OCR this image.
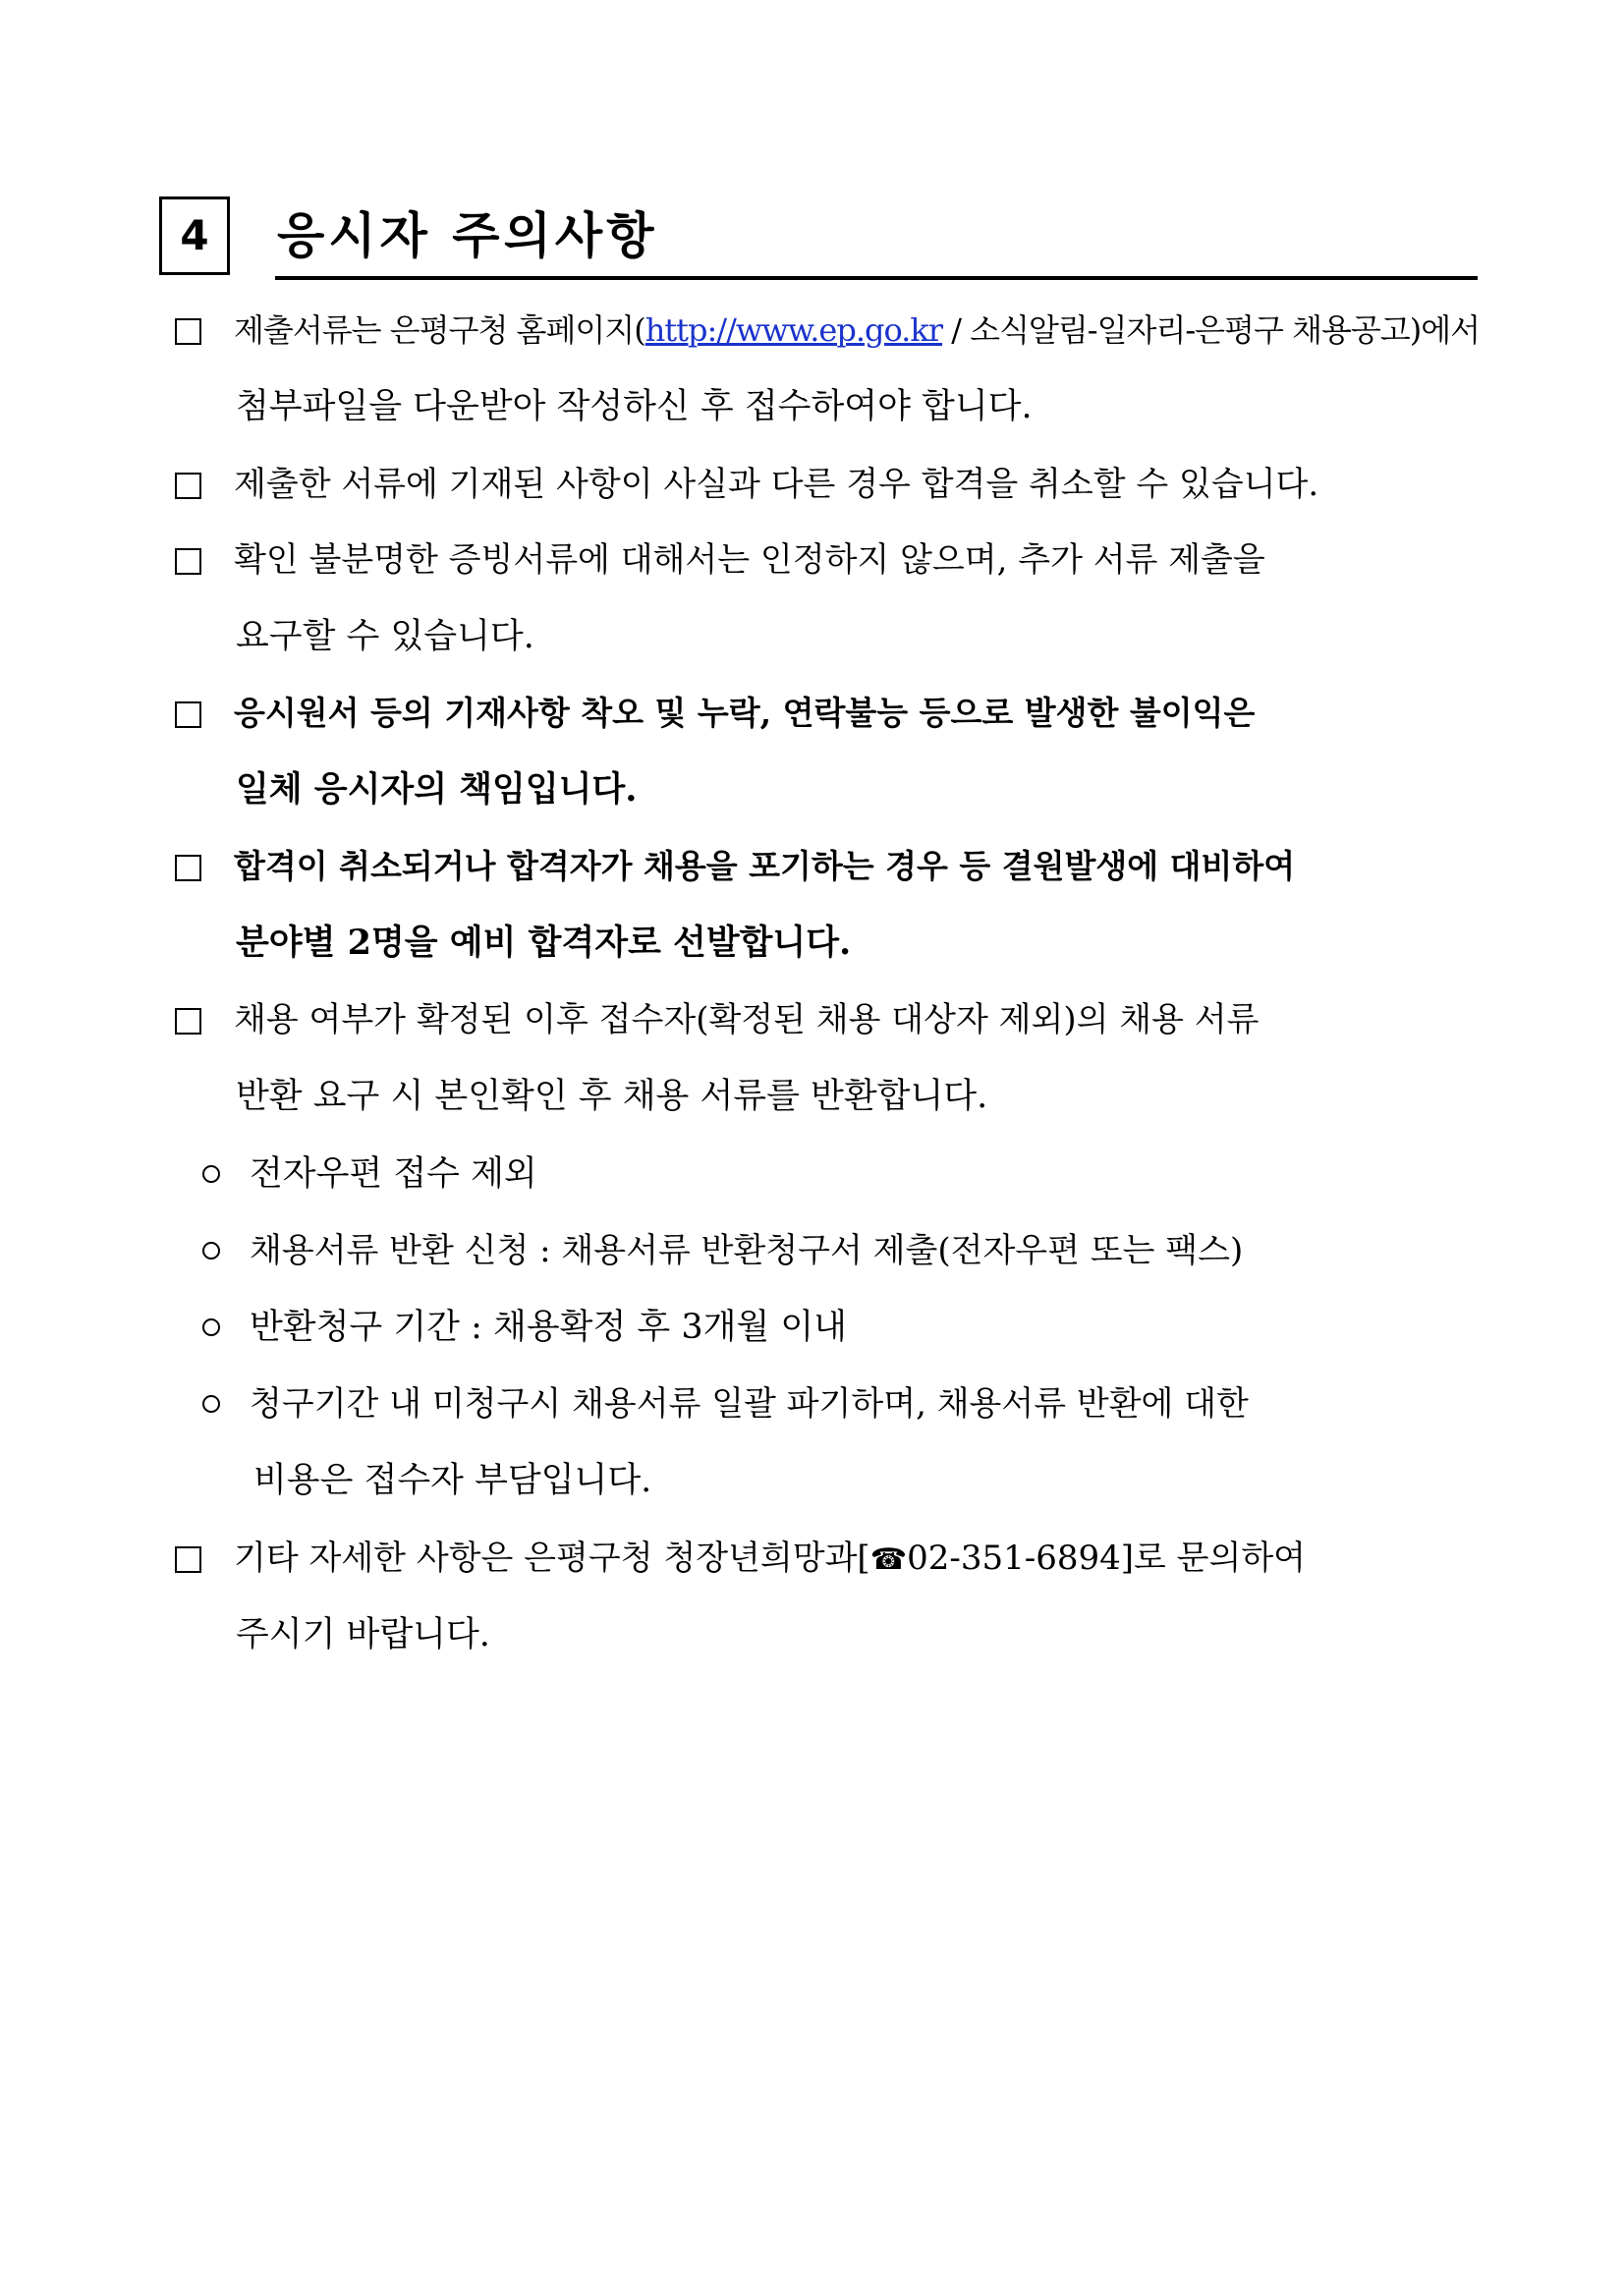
4	응시자 주의사항
제출서류는 은평구청 홈페이지(http://www.ep.go.kr / 소식알림-일자리-은평구 채용공고)에서
첨부파일을 다운받아 작성하신 후 접수하여야 합니다.
제출한 서류에 기재된 사항이 사실과 다른 경우 합격을 취소할 수 있습니다.
확인 불분명한 증빙서류에 대해서는 인정하지 않으며, 추가 서류 제출을
요구할 수 있습니다.
응시원서 등의 기재사항 착오 및 누락, 연락불능 등으로 발생한 불이익은
일체 응시자의 책임입니다.
합격이 취소되거나 합격자가 채용을 포기하는 경우 등 결원발생에 대비하여
분야별 2명을 예비 합격자로 선발합니다.
채용 여부가 확정된 이후 접수자(확정된 채용 대상자 제외)의 채용 서류
반환 요구 시 본인확인 후 채용 서류를 반환합니다.
전자우편 접수 제외
채용서류 반환 신청 : 채용서류 반환청구서 제출(전자우편 또는 팩스)
반환청구 기간 : 채용확정 후 3개월 이내
청구기간 내 미청구시 채용서류 일괄 파기하며, 채용서류 반환에 대한
비용은 접수자 부담입니다.
기타 자세한 사항은 은평구청 청장년희망과[☎02-351-6894]로 문의하여
주시기 바랍니다.
